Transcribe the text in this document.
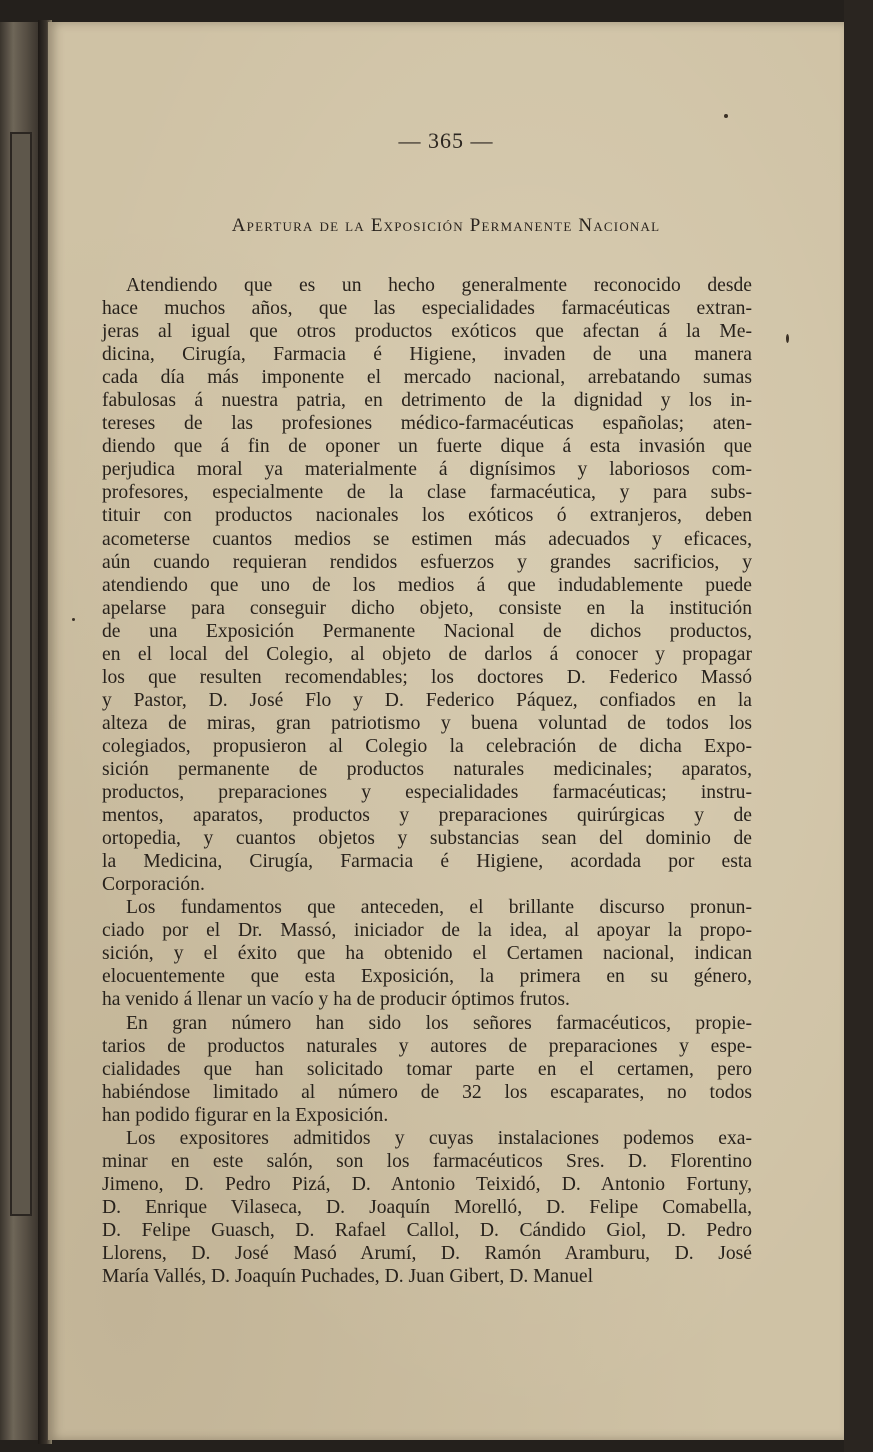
— 365 —
Apertura de la Exposición Permanente Nacional
Atendiendo que es un hecho generalmente reconocido desde
hace muchos años, que las especialidades farmacéuticas extran-
jeras al igual que otros productos exóticos que afectan á la Me-
dicina, Cirugía, Farmacia é Higiene, invaden de una manera
cada día más imponente el mercado nacional, arrebatando sumas
fabulosas á nuestra patria, en detrimento de la dignidad y los in-
tereses de las profesiones médico-farmacéuticas españolas; aten-
diendo que á fin de oponer un fuerte dique á esta invasión que
perjudica moral ya materialmente á dignísimos y laboriosos com-
profesores, especialmente de la clase farmacéutica, y para subs-
tituir con productos nacionales los exóticos ó extranjeros, deben
acometerse cuantos medios se estimen más adecuados y eficaces,
aún cuando requieran rendidos esfuerzos y grandes sacrificios, y
atendiendo que uno de los medios á que indudablemente puede
apelarse para conseguir dicho objeto, consiste en la institución
de una Exposición Permanente Nacional de dichos productos,
en el local del Colegio, al objeto de darlos á conocer y propagar
los que resulten recomendables; los doctores D. Federico Massó
y Pastor, D. José Flo y D. Federico Páquez, confiados en la
alteza de miras, gran patriotismo y buena voluntad de todos los
colegiados, propusieron al Colegio la celebración de dicha Expo-
sición permanente de productos naturales medicinales; aparatos,
productos, preparaciones y especialidades farmacéuticas; instru-
mentos, aparatos, productos y preparaciones quirúrgicas y de
ortopedia, y cuantos objetos y substancias sean del dominio de
la Medicina, Cirugía, Farmacia é Higiene, acordada por esta
Corporación.
Los fundamentos que anteceden, el brillante discurso pronun-
ciado por el Dr. Massó, iniciador de la idea, al apoyar la propo-
sición, y el éxito que ha obtenido el Certamen nacional, indican
elocuentemente que esta Exposición, la primera en su género,
ha venido á llenar un vacío y ha de producir óptimos frutos.
En gran número han sido los señores farmacéuticos, propie-
tarios de productos naturales y autores de preparaciones y espe-
cialidades que han solicitado tomar parte en el certamen, pero
habiéndose limitado al número de 32 los escaparates, no todos
han podido figurar en la Exposición.
Los expositores admitidos y cuyas instalaciones podemos exa-
minar en este salón, son los farmacéuticos Sres. D. Florentino
Jimeno, D. Pedro Pizá, D. Antonio Teixidó, D. Antonio Fortuny,
D. Enrique Vilaseca, D. Joaquín Morelló, D. Felipe Comabella,
D. Felipe Guasch, D. Rafael Callol, D. Cándido Giol, D. Pedro
Llorens, D. José Masó Arumí, D. Ramón Aramburu, D. José
María Vallés, D. Joaquín Puchades, D. Juan Gibert, D. Manuel
